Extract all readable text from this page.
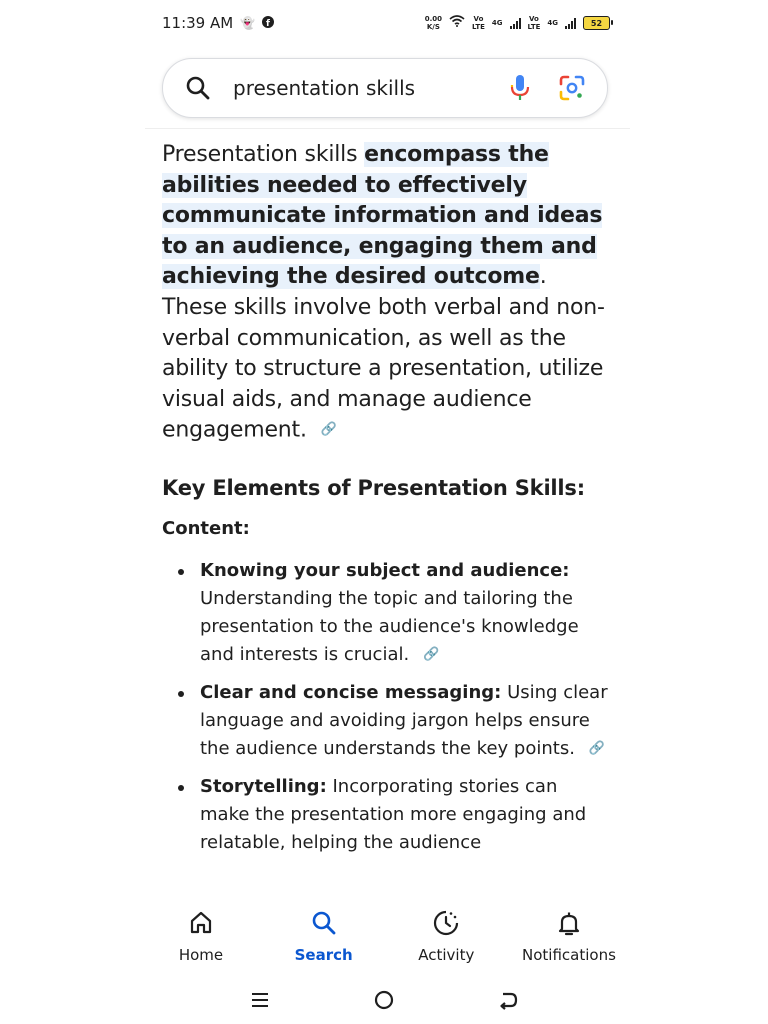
11:39 AM 👻 f	0.00
K/S
Vo
LTE 4G	Vo
LTE 4G	52
presentation skills

Presentation skills encompass the abilities needed to effectively communicate information and ideas to an audience, engaging them and achieving the desired outcome. These skills involve both verbal and non-verbal communication, as well as the ability to structure a presentation, utilize visual aids, and manage audience engagement. 🔗

Key Elements of Presentation Skills:
Content:
Knowing your subject and audience: Understanding the topic and tailoring the presentation to the audience's knowledge and interests is crucial. 🔗
Clear and concise messaging: Using clear language and avoiding jargon helps ensure the audience understands the key points. 🔗
Storytelling: Incorporating stories can make the presentation more engaging and relatable, helping the audience
Home	Search	Activity	Notifications
